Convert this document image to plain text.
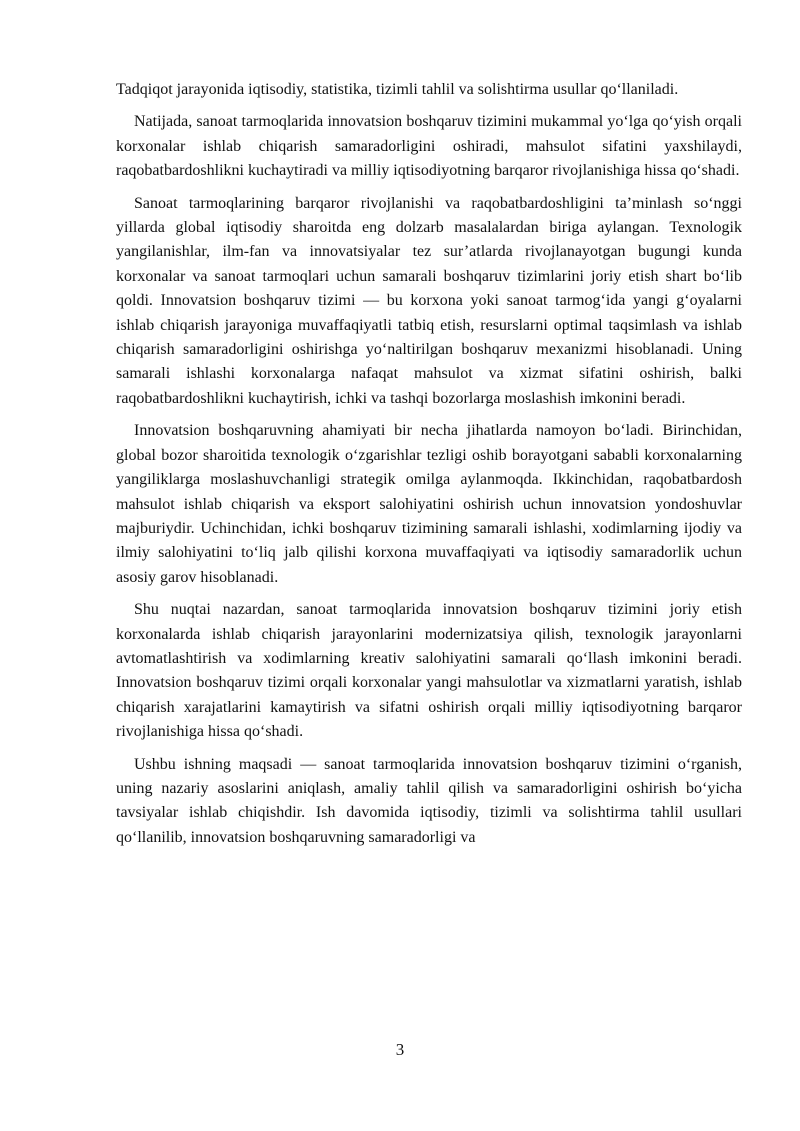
Tadqiqot jarayonida iqtisodiy, statistika, tizimli tahlil va solishtirma usullar qo‘llaniladi.

Natijada, sanoat tarmoqlarida innovatsion boshqaruv tizimini mukammal yo‘lga qo‘yish orqali korxonalar ishlab chiqarish samaradorligini oshiradi, mahsulot sifatini yaxshilaydi, raqobatbardoshlikni kuchaytiradi va milliy iqtisodiyotning barqaror rivojlanishiga hissa qo‘shadi.

Sanoat tarmoqlarining barqaror rivojlanishi va raqobatbardoshligini ta’minlash so‘nggi yillarda global iqtisodiy sharoitda eng dolzarb masalalardan biriga aylangan. Texnologik yangilanishlar, ilm-fan va innovatsiyalar tez sur’atlarda rivojlanayotgan bugungi kunda korxonalar va sanoat tarmoqlari uchun samarali boshqaruv tizimlarini joriy etish shart bo‘lib qoldi. Innovatsion boshqaruv tizimi — bu korxona yoki sanoat tarmog‘ida yangi g‘oyalarni ishlab chiqarish jarayoniga muvaffaqiyatli tatbiq etish, resurslarni optimal taqsimlash va ishlab chiqarish samaradorligini oshirishga yo‘naltirilgan boshqaruv mexanizmi hisoblanadi. Uning samarali ishlashi korxonalarga nafaqat mahsulot va xizmat sifatini oshirish, balki raqobatbardoshlikni kuchaytirish, ichki va tashqi bozorlarga moslashish imkonini beradi.

Innovatsion boshqaruvning ahamiyati bir necha jihatlarda namoyon bo‘ladi. Birinchidan, global bozor sharoitida texnologik o‘zgarishlar tezligi oshib borayotgani sababli korxonalarning yangiliklarga moslashuvchanligi strategik omilga aylanmoqda. Ikkinchidan, raqobatbardosh mahsulot ishlab chiqarish va eksport salohiyatini oshirish uchun innovatsion yondoshuvlar majburiydir. Uchinchidan, ichki boshqaruv tizimining samarali ishlashi, xodimlarning ijodiy va ilmiy salohiyatini to‘liq jalb qilishi korxona muvaffaqiyati va iqtisodiy samaradorlik uchun asosiy garov hisoblanadi.

Shu nuqtai nazardan, sanoat tarmoqlarida innovatsion boshqaruv tizimini joriy etish korxonalarda ishlab chiqarish jarayonlarini modernizatsiya qilish, texnologik jarayonlarni avtomatlashtirish va xodimlarning kreativ salohiyatini samarali qo‘llash imkonini beradi. Innovatsion boshqaruv tizimi orqali korxonalar yangi mahsulotlar va xizmatlarni yaratish, ishlab chiqarish xarajatlarini kamaytirish va sifatni oshirish orqali milliy iqtisodiyotning barqaror rivojlanishiga hissa qo‘shadi.

Ushbu ishning maqsadi — sanoat tarmoqlarida innovatsion boshqaruv tizimini o‘rganish, uning nazariy asoslarini aniqlash, amaliy tahlil qilish va samaradorligini oshirish bo‘yicha tavsiyalar ishlab chiqishdir. Ish davomida iqtisodiy, tizimli va solishtirma tahlil usullari qo‘llanilib, innovatsion boshqaruvning samaradorligi va

3
